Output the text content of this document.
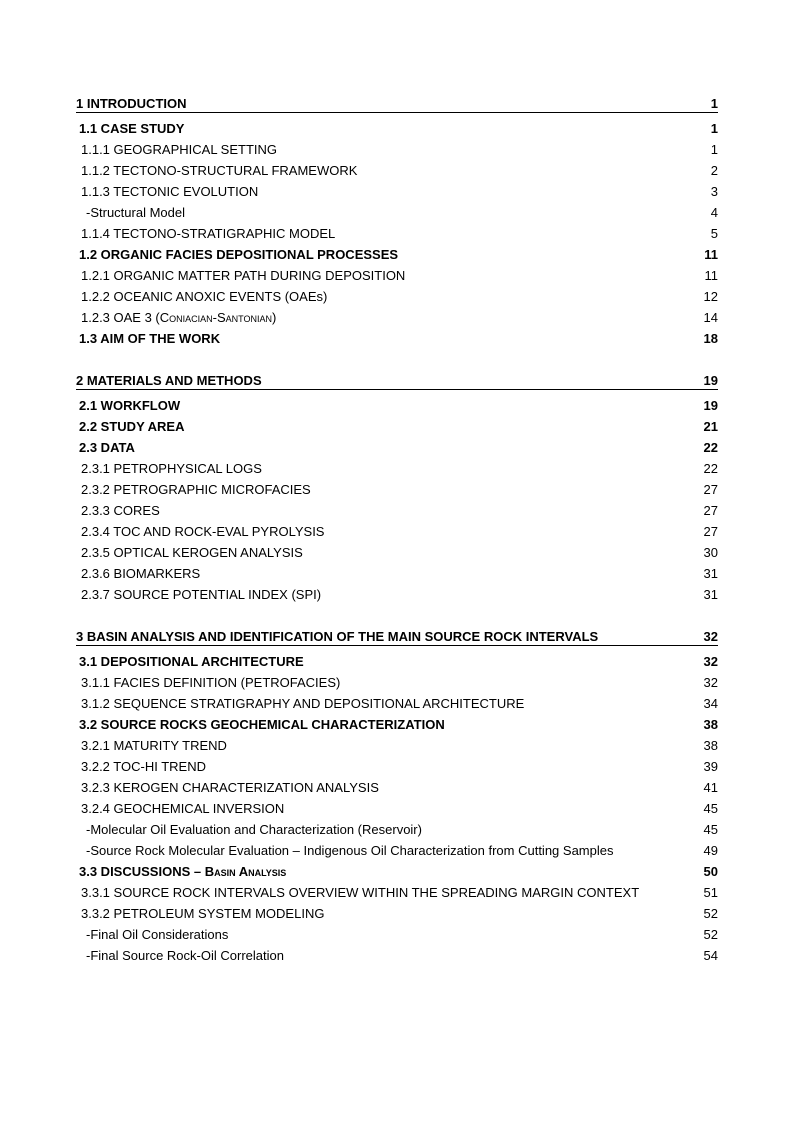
1 INTRODUCTION	1
1.1 CASE STUDY	1
1.1.1 GEOGRAPHICAL SETTING	1
1.1.2 TECTONO-STRUCTURAL FRAMEWORK	2
1.1.3 TECTONIC EVOLUTION	3
-Structural Model	4
1.1.4 TECTONO-STRATIGRAPHIC MODEL	5
1.2 ORGANIC FACIES DEPOSITIONAL PROCESSES	11
1.2.1 ORGANIC MATTER PATH DURING DEPOSITION	11
1.2.2 OCEANIC ANOXIC EVENTS (OAEs)	12
1.2.3 OAE 3 (Coniacian-Santonian)	14
1.3 AIM OF THE WORK	18
2 MATERIALS AND METHODS	19
2.1 WORKFLOW	19
2.2 STUDY AREA	21
2.3 DATA	22
2.3.1 PETROPHYSICAL LOGS	22
2.3.2 PETROGRAPHIC MICROFACIES	27
2.3.3 CORES	27
2.3.4 TOC AND ROCK-EVAL PYROLYSIS	27
2.3.5 OPTICAL KEROGEN ANALYSIS	30
2.3.6 BIOMARKERS	31
2.3.7 SOURCE POTENTIAL INDEX (SPI)	31
3 BASIN ANALYSIS AND IDENTIFICATION OF THE MAIN SOURCE ROCK INTERVALS	32
3.1 DEPOSITIONAL ARCHITECTURE	32
3.1.1 FACIES DEFINITION (PETROFACIES)	32
3.1.2 SEQUENCE STRATIGRAPHY AND DEPOSITIONAL ARCHITECTURE	34
3.2 SOURCE ROCKS GEOCHEMICAL CHARACTERIZATION	38
3.2.1 MATURITY TREND	38
3.2.2 TOC-HI TREND	39
3.2.3 KEROGEN CHARACTERIZATION ANALYSIS	41
3.2.4 GEOCHEMICAL INVERSION	45
-Molecular Oil Evaluation and Characterization (Reservoir)	45
-Source Rock Molecular Evaluation – Indigenous Oil Characterization from Cutting Samples	49
3.3 DISCUSSIONS – Basin Analysis	50
3.3.1 SOURCE ROCK INTERVALS OVERVIEW WITHIN THE SPREADING MARGIN CONTEXT	51
3.3.2 PETROLEUM SYSTEM MODELING	52
-Final Oil Considerations	52
-Final Source Rock-Oil Correlation	54
